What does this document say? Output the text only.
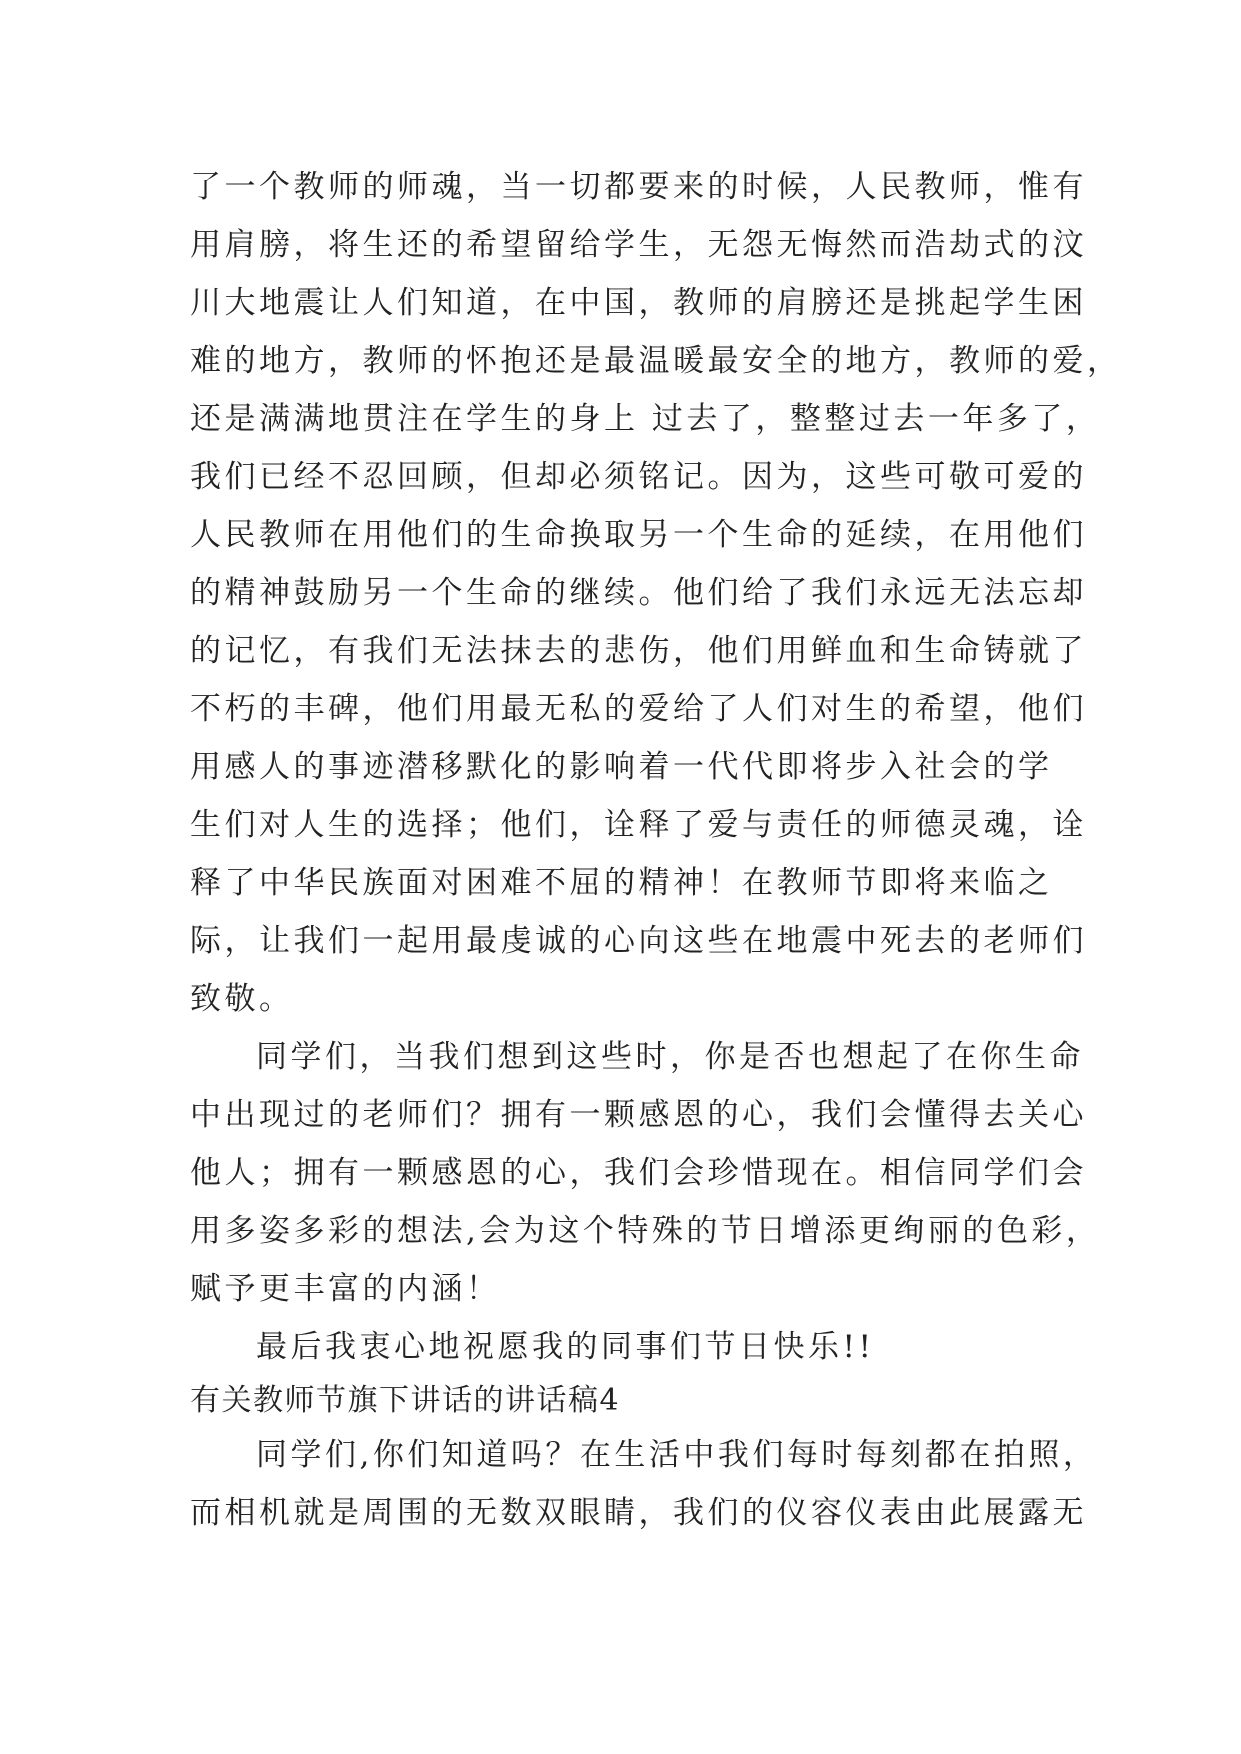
了一个教师的师魂，当一切都要来的时候，人民教师，惟有
用肩膀，将生还的希望留给学生，无怨无悔然而浩劫式的汶
川大地震让人们知道，在中国，教师的肩膀还是挑起学生困
难的地方，教师的怀抱还是最温暖最安全的地方，教师的爱，
还是满满地贯注在学生的身上 过去了，整整过去一年多了，
我们已经不忍回顾，但却必须铭记。因为，这些可敬可爱的
人民教师在用他们的生命换取另一个生命的延续，在用他们
的精神鼓励另一个生命的继续。他们给了我们永远无法忘却
的记忆，有我们无法抹去的悲伤，他们用鲜血和生命铸就了
不朽的丰碑，他们用最无私的爱给了人们对生的希望，他们
用感人的事迹潜移默化的影响着一代代即将步入社会的学
生们对人生的选择；他们，诠释了爱与责任的师德灵魂，诠
释了中华民族面对困难不屈的精神！在教师节即将来临之
际，让我们一起用最虔诚的心向这些在地震中死去的老师们
致敬。
同学们，当我们想到这些时，你是否也想起了在你生命
中出现过的老师们？拥有一颗感恩的心，我们会懂得去关心
他人；拥有一颗感恩的心，我们会珍惜现在。相信同学们会
用多姿多彩的想法,会为这个特殊的节日增添更绚丽的色彩，
赋予更丰富的内涵！
最后我衷心地祝愿我的同事们节日快乐!!
有关教师节旗下讲话的讲话稿4
同学们,你们知道吗？在生活中我们每时每刻都在拍照，
而相机就是周围的无数双眼睛，我们的仪容仪表由此展露无
